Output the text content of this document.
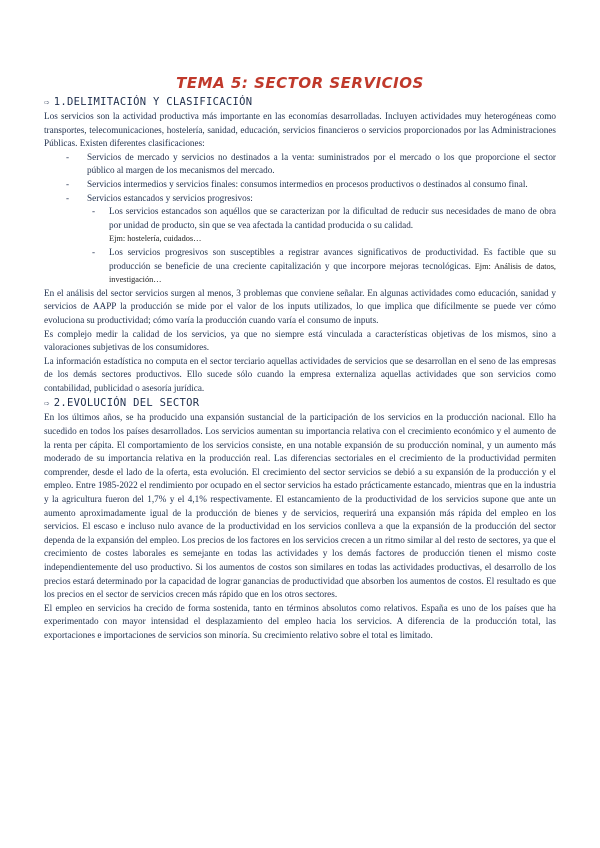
TEMA 5: SECTOR SERVICIOS
⇨ 1.DELIMITACIÓN Y CLASIFICACIÓN

Los servicios son la actividad productiva más importante en las economías desarrolladas. Incluyen actividades muy heterogéneas como transportes, telecomunicaciones, hostelería, sanidad, educación, servicios financieros o servicios proporcionados por las Administraciones Públicas. Existen diferentes clasificaciones:

- Servicios de mercado y servicios no destinados a la venta: suministrados por el mercado o los que proporcione el sector público al margen de los mecanismos del mercado.
- Servicios intermedios y servicios finales: consumos intermedios en procesos productivos o destinados al consumo final.
- Servicios estancados y servicios progresivos:
- Los servicios estancados son aquéllos que se caracterizan por la dificultad de reducir sus necesidades de mano de obra por unidad de producto, sin que se vea afectada la cantidad producida o su calidad.
Ejm: hostelería, cuidados…
- Los servicios progresivos son susceptibles a registrar avances significativos de productividad. Es factible que su producción se beneficie de una creciente capitalización y que incorpore mejoras tecnológicas. Ejm: Análisis de datos, investigación…

En el análisis del sector servicios surgen al menos, 3 problemas que conviene señalar. En algunas actividades como educación, sanidad y servicios de AAPP la producción se mide por el valor de los inputs utilizados, lo que implica que difícilmente se puede ver cómo evoluciona su productividad; cómo varía la producción cuando varía el consumo de inputs.

Es complejo medir la calidad de los servicios, ya que no siempre está vinculada a características objetivas de los mismos, sino a valoraciones subjetivas de los consumidores.

La información estadística no computa en el sector terciario aquellas actividades de servicios que se desarrollan en el seno de las empresas de los demás sectores productivos. Ello sucede sólo cuando la empresa externaliza aquellas actividades que son servicios como contabilidad, publicidad o asesoría jurídica.

⇨ 2.EVOLUCIÓN DEL SECTOR

En los últimos años, se ha producido una expansión sustancial de la participación de los servicios en la producción nacional. Ello ha sucedido en todos los países desarrollados. Los servicios aumentan su importancia relativa con el crecimiento económico y el aumento de la renta per cápita. El comportamiento de los servicios consiste, en una notable expansión de su producción nominal, y un aumento más moderado de su importancia relativa en la producción real. Las diferencias sectoriales en el crecimiento de la productividad permiten comprender, desde el lado de la oferta, esta evolución. El crecimiento del sector servicios se debió a su expansión de la producción y el empleo. Entre 1985-2022 el rendimiento por ocupado en el sector servicios ha estado prácticamente estancado, mientras que en la industria y la agricultura fueron del 1,7% y el 4,1% respectivamente. El estancamiento de la productividad de los servicios supone que ante un aumento aproximadamente igual de la producción de bienes y de servicios, requerirá una expansión más rápida del empleo en los servicios. El escaso e incluso nulo avance de la productividad en los servicios conlleva a que la expansión de la producción del sector dependa de la expansión del empleo. Los precios de los factores en los servicios crecen a un ritmo similar al del resto de sectores, ya que el crecimiento de costes laborales es semejante en todas las actividades y los demás factores de producción tienen el mismo coste independientemente del uso productivo. Si los aumentos de costos son similares en todas las actividades productivas, el desarrollo de los precios estará determinado por la capacidad de lograr ganancias de productividad que absorben los aumentos de costos. El resultado es que los precios en el sector de servicios crecen más rápido que en los otros sectores.

El empleo en servicios ha crecido de forma sostenida, tanto en términos absolutos como relativos. España es uno de los países que ha experimentado con mayor intensidad el desplazamiento del empleo hacia los servicios. A diferencia de la producción total, las exportaciones e importaciones de servicios son minoría. Su crecimiento relativo sobre el total es limitado.
